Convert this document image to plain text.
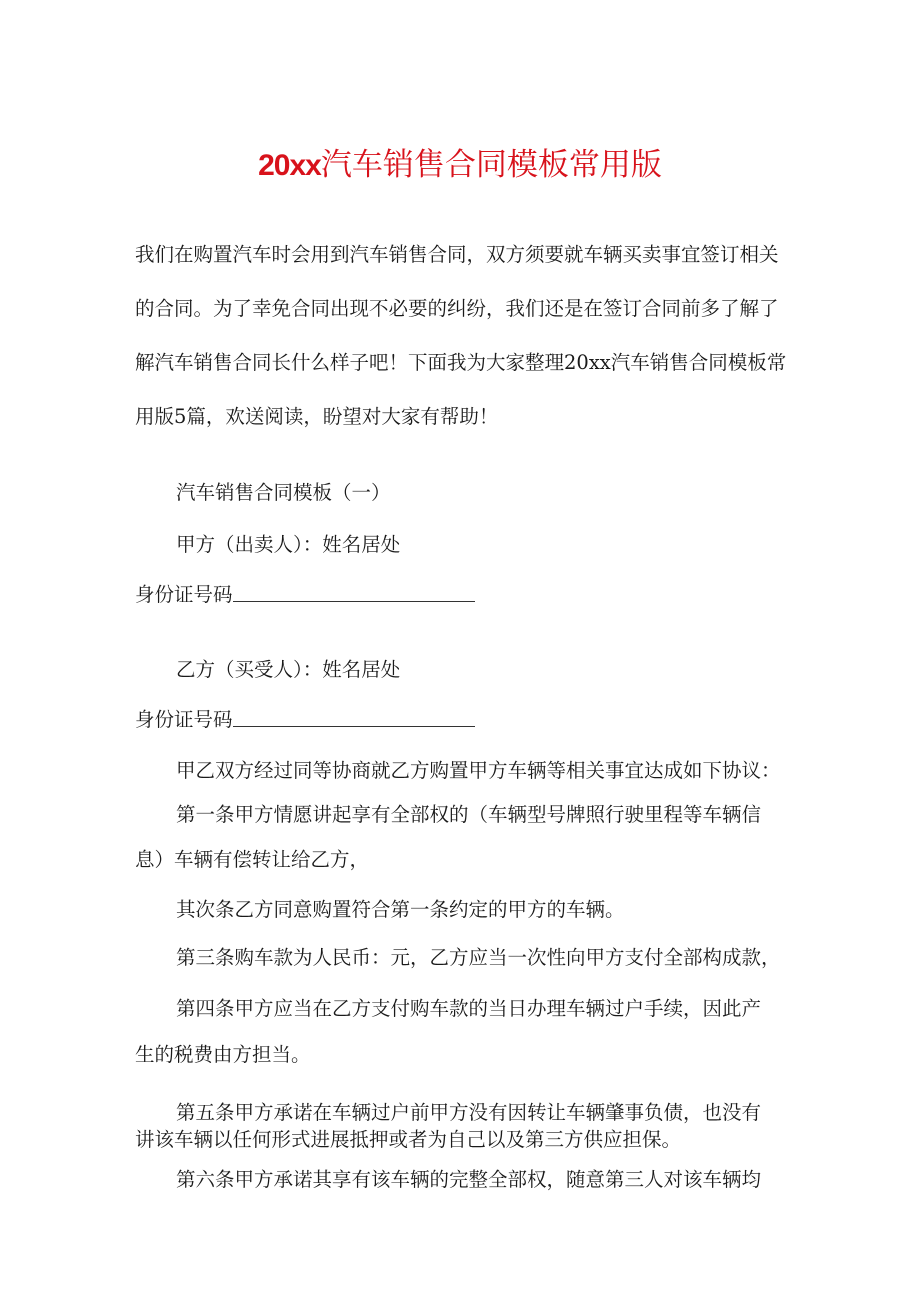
20xx汽车销售合同模板常用版
我们在购置汽车时会用到汽车销售合同，双方须要就车辆买卖事宜签订相关
的合同。为了幸免合同出现不必要的纠纷，我们还是在签订合同前多了解了
解汽车销售合同长什么样子吧！下面我为大家整理20xx汽车销售合同模板常
用版5篇，欢送阅读，盼望对大家有帮助！
汽车销售合同模板（一）
甲方（出卖人）：姓名居处
身份证号码
乙方（买受人）：姓名居处
身份证号码
甲乙双方经过同等协商就乙方购置甲方车辆等相关事宜达成如下协议：
第一条甲方情愿讲起享有全部权的（车辆型号牌照行驶里程等车辆信
息）车辆有偿转让给乙方，
其次条乙方同意购置符合第一条约定的甲方的车辆。
第三条购车款为人民币：元，乙方应当一次性向甲方支付全部构成款，
第四条甲方应当在乙方支付购车款的当日办理车辆过户手续，因此产
生的税费由方担当。
第五条甲方承诺在车辆过户前甲方没有因转让车辆肇事负债，也没有
讲该车辆以任何形式进展抵押或者为自己以及第三方供应担保。
第六条甲方承诺其享有该车辆的完整全部权，随意第三人对该车辆均
